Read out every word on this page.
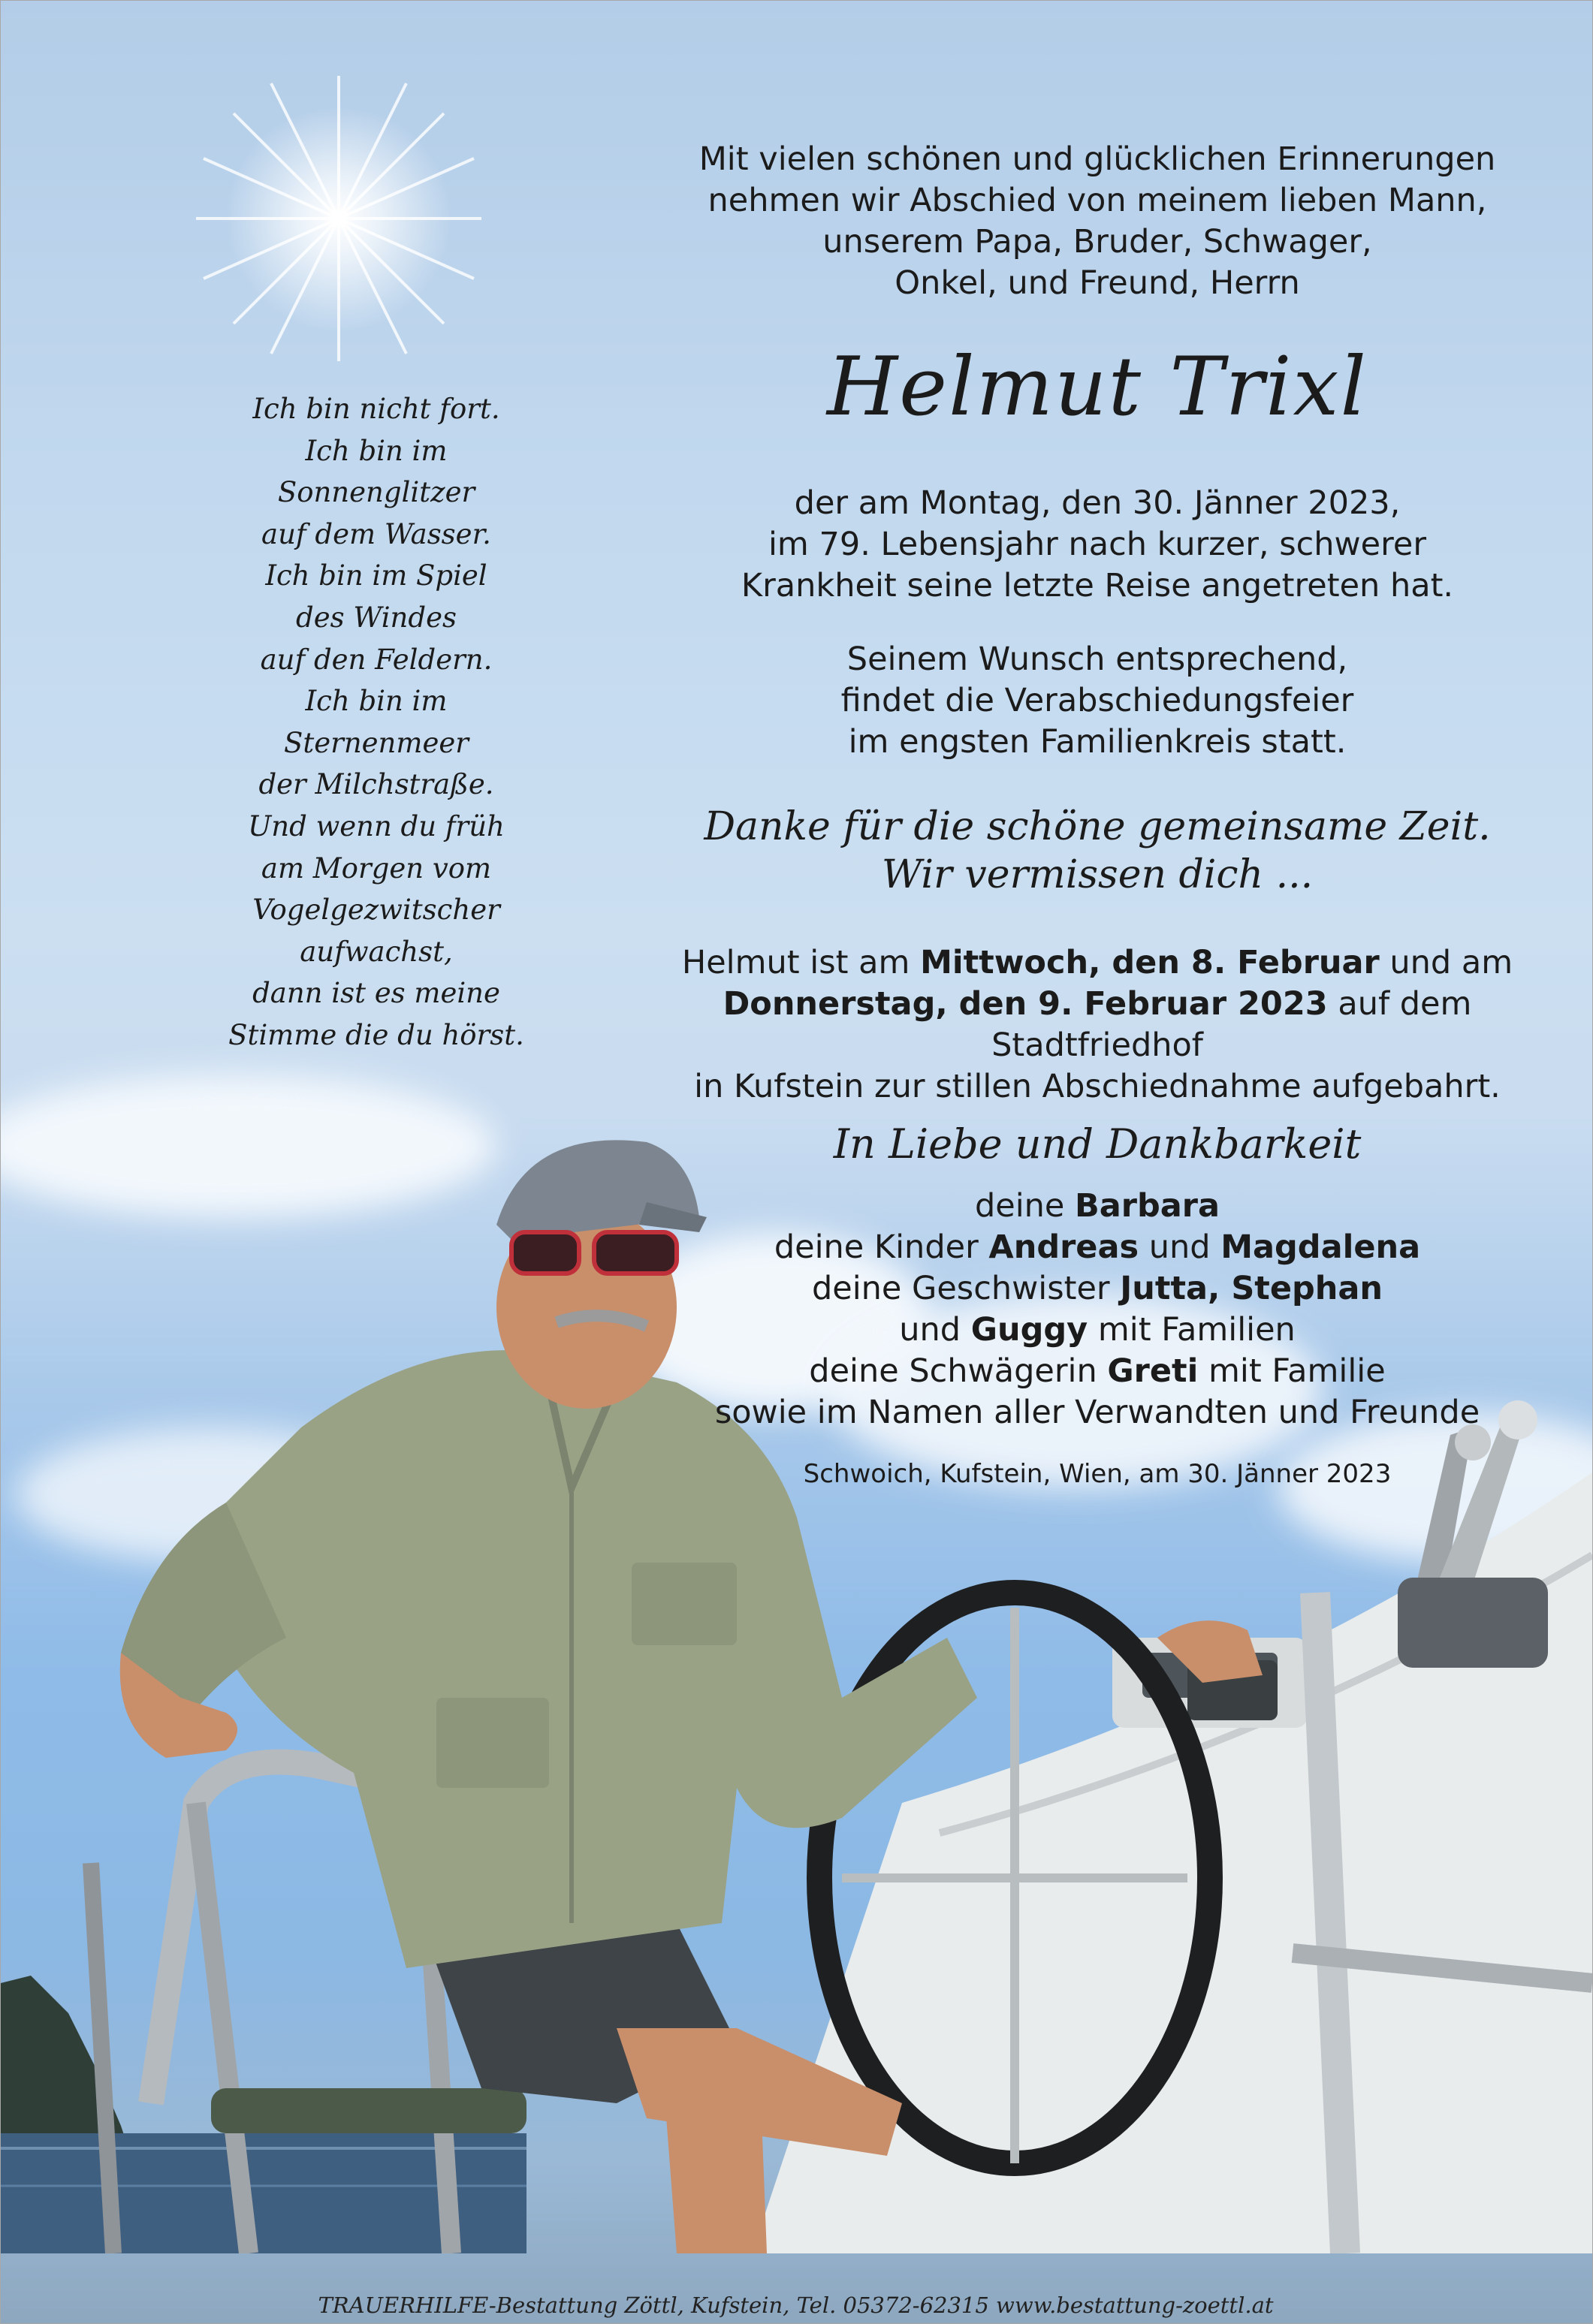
Mit vielen schönen und glücklichen Erinnerungen
nehmen wir Abschied von meinem lieben Mann,
unserem Papa, Bruder, Schwager,
Onkel, und Freund, Herrn
Helmut Trixl
der am Montag, den 30. Jänner 2023,
im 79. Lebensjahr nach kurzer, schwerer
Krankheit seine letzte Reise angetreten hat.
Seinem Wunsch entsprechend,
findet die Verabschiedungsfeier
im engsten Familienkreis statt.
Danke für die schöne gemeinsame Zeit.
Wir vermissen dich ...
Helmut ist am Mittwoch, den 8. Februar und am
Donnerstag, den 9. Februar 2023 auf dem Stadtfriedhof
in Kufstein zur stillen Abschiednahme aufgebahrt.
In Liebe und Dankbarkeit
deine Barbara
deine Kinder Andreas und Magdalena
deine Geschwister Jutta, Stephan
und Guggy mit Familien
deine Schwägerin Greti mit Familie
sowie im Namen aller Verwandten und Freunde
Schwoich, Kufstein, Wien, am 30. Jänner 2023
Ich bin nicht fort.
Ich bin im
Sonnenglitzer
auf dem Wasser.
Ich bin im Spiel
des Windes
auf den Feldern.
Ich bin im
Sternenmeer
der Milchstraße.
Und wenn du früh
am Morgen vom
Vogelgezwitscher
aufwachst,
dann ist es meine
Stimme die du hörst.
TRAUERHILFE-Bestattung Zöttl, Kufstein, Tel. 05372-62315 www.bestattung-zoettl.at
